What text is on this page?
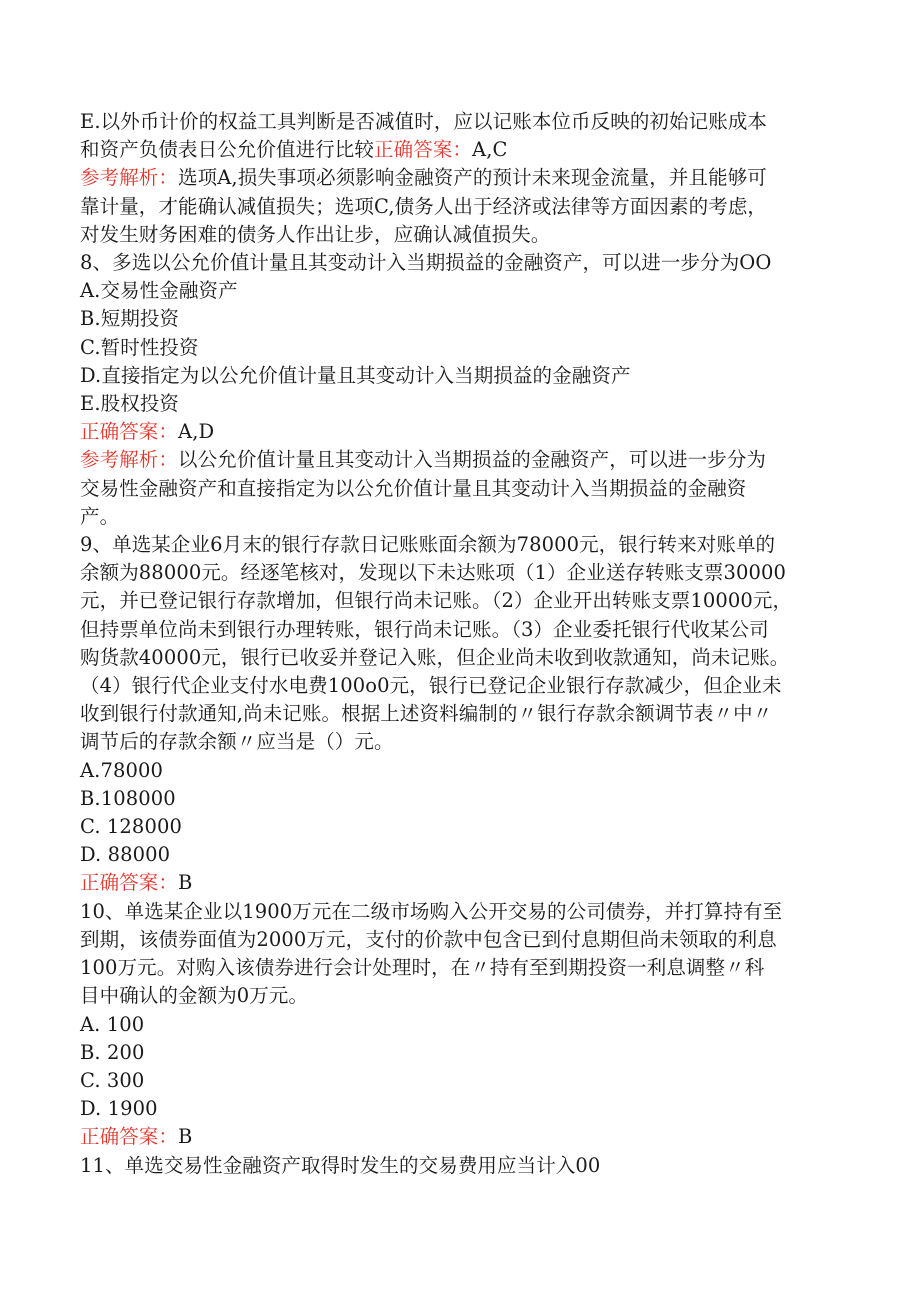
E.以外币计价的权益工具判断是否减值时，应以记账本位币反映的初始记账成本
和资产负债表日公允价值进行比较正确答案：A,C
参考解析：选项A,损失事项必须影响金融资产的预计未来现金流量，并且能够可
靠计量，才能确认减值损失；选项C,债务人出于经济或法律等方面因素的考虑，
对发生财务困难的债务人作出让步，应确认减值损失。
8、多选以公允价值计量且其变动计入当期损益的金融资产，可以进一步分为OO
A.交易性金融资产
B.短期投资
C.暂时性投资
D.直接指定为以公允价值计量且其变动计入当期损益的金融资产
E.股权投资
正确答案：A,D
参考解析：以公允价值计量且其变动计入当期损益的金融资产，可以进一步分为
交易性金融资产和直接指定为以公允价值计量且其变动计入当期损益的金融资
产。
9、单选某企业6月末的银行存款日记账账面余额为78000元，银行转来对账单的
余额为88000元。经逐笔核对，发现以下未达账项（1）企业送存转账支票30000
元，并已登记银行存款增加，但银行尚未记账。（2）企业开出转账支票10000元，
但持票单位尚未到银行办理转账，银行尚未记账。（3）企业委托银行代收某公司
购货款40000元，银行已收妥并登记入账，但企业尚未收到收款通知，尚未记账。
（4）银行代企业支付水电费100o0元，银行已登记企业银行存款减少，但企业未
收到银行付款通知,尚未记账。根据上述资料编制的〃银行存款余额调节表〃中〃
调节后的存款余额〃应当是（）元。
A.78000
B.108000
C. 128000
D. 88000
正确答案：B
10、单选某企业以1900万元在二级市场购入公开交易的公司债券，并打算持有至
到期，该债券面值为2000万元，支付的价款中包含已到付息期但尚未领取的利息
100万元。对购入该债券进行会计处理时，在〃持有至到期投资一利息调整〃科
目中确认的金额为0万元。
A. 100
B. 200
C. 300
D. 1900
正确答案：B
11、单选交易性金融资产取得时发生的交易费用应当计入00
